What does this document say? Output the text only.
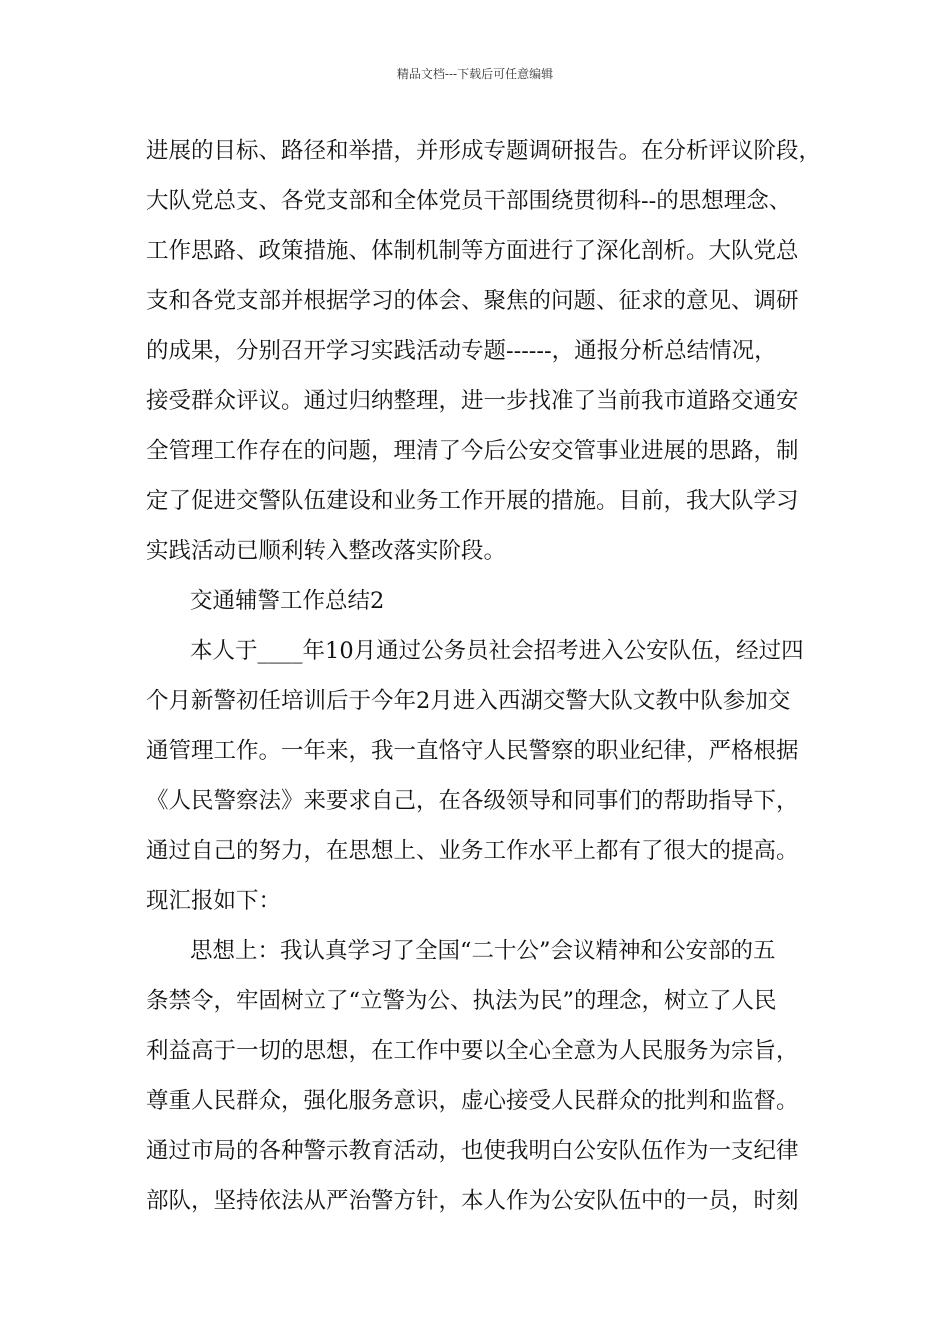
精品文档---下载后可任意编辑
进展的目标、路径和举措，并形成专题调研报告。在分析评议阶段，
大队党总支、各党支部和全体党员干部围绕贯彻科--的思想理念、
工作思路、政策措施、体制机制等方面进行了深化剖析。大队党总
支和各党支部并根据学习的体会、聚焦的问题、征求的意见、调研
的成果，分别召开学习实践活动专题------，通报分析总结情况，
接受群众评议。通过归纳整理，进一步找准了当前我市道路交通安
全管理工作存在的问题，理清了今后公安交管事业进展的思路，制
定了促进交警队伍建设和业务工作开展的措施。目前，我大队学习
实践活动已顺利转入整改落实阶段。
交通辅警工作总结2
本人于____年10月通过公务员社会招考进入公安队伍，经过四
个月新警初任培训后于今年2月进入西湖交警大队文教中队参加交
通管理工作。一年来，我一直恪守人民警察的职业纪律，严格根据
《人民警察法》来要求自己，在各级领导和同事们的帮助指导下，
通过自己的努力，在思想上、业务工作水平上都有了很大的提高。
现汇报如下：
思想上：我认真学习了全国“二十公”会议精神和公安部的五
条禁令，牢固树立了“立警为公、执法为民”的理念，树立了人民
利益高于一切的思想，在工作中要以全心全意为人民服务为宗旨，
尊重人民群众，强化服务意识，虚心接受人民群众的批判和监督。
通过市局的各种警示教育活动，也使我明白公安队伍作为一支纪律
部队，坚持依法从严治警方针，本人作为公安队伍中的一员，时刻
